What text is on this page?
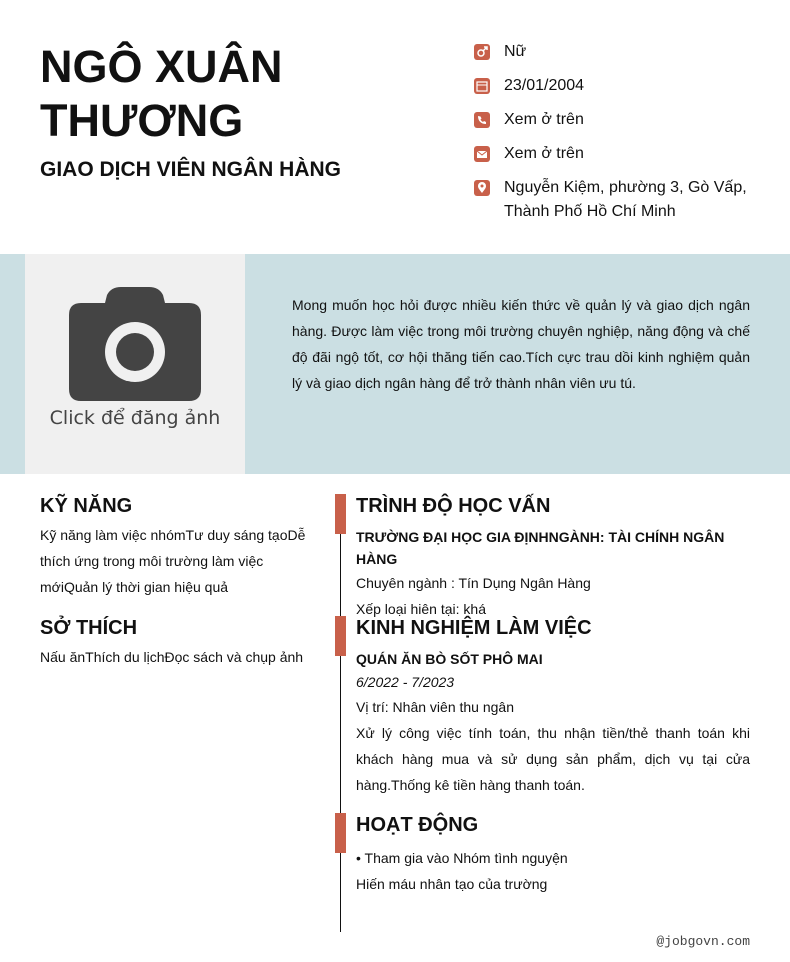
NGÔ XUÂN THƯƠNG
GIAO DỊCH VIÊN NGÂN HÀNG
Nữ
23/01/2004
Xem ở trên
Xem ở trên
Nguyễn Kiệm, phường 3, Gò Vấp, Thành Phố Hồ Chí Minh
Click để đăng ảnh
Mong muốn học hỏi được nhiều kiến thức về quản lý và giao dịch ngân hàng. Được làm việc trong môi trường chuyên nghiệp, năng động và chế độ đãi ngộ tốt, cơ hội thăng tiến cao.Tích cực trau dồi kinh nghiệm quản lý và giao dịch ngân hàng để trở thành nhân viên ưu tú.
KỸ NĂNG
Kỹ năng làm việc nhómTư duy sáng tạoDễ thích ứng trong môi trường làm việc mớiQuản lý thời gian hiệu quả
SỞ THÍCH
Nấu ănThích du lịchĐọc sách và chụp ảnh
TRÌNH ĐỘ HỌC VẤN
TRƯỜNG ĐẠI HỌC GIA ĐỊNHNGÀNH: TÀI CHÍNH NGÂN HÀNG
Chuyên ngành : Tín Dụng Ngân Hàng
Xếp loại hiên tại: khá
KINH NGHIỆM LÀM VIỆC
QUÁN ĂN BÒ SỐT PHÔ MAI
6/2022 - 7/2023
Vị trí: Nhân viên thu ngân
Xử lý công việc tính toán, thu nhận tiền/thẻ thanh toán khi khách hàng mua và sử dụng sản phẩm, dịch vụ tại cửa hàng.Thống kê tiền hàng thanh toán.
HOẠT ĐỘNG
• Tham gia vào Nhóm tình nguyện
Hiến máu nhân tạo của trường
@jobgovn.com
